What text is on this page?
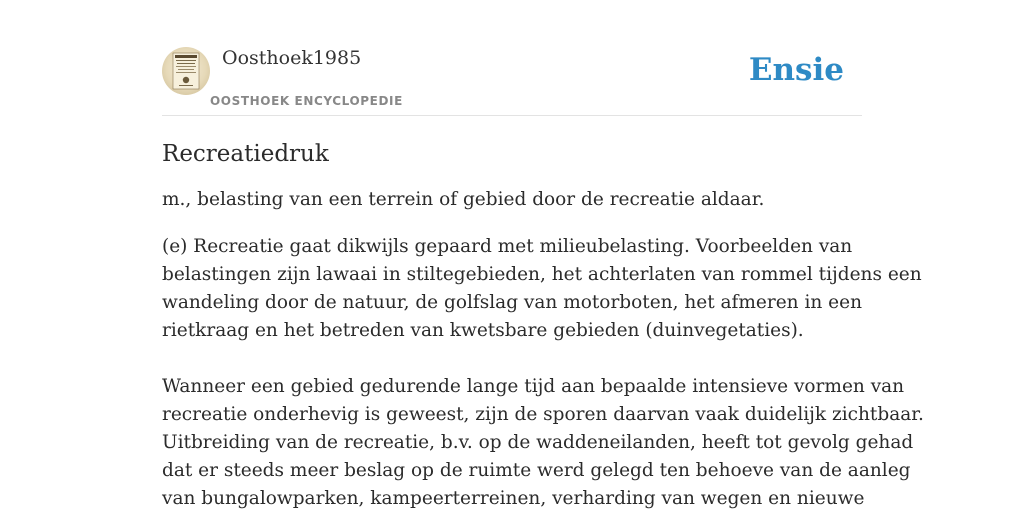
Oosthoek1985
OOSTHOEK ENCYCLOPEDIE
Ensie
Recreatiedruk

m., belasting van een terrein of gebied door de recreatie aldaar.

(e) Recreatie gaat dikwijls gepaard met milieubelasting. Voorbeelden van
belastingen zijn lawaai in stiltegebieden, het achterlaten van rommel tijdens een
wandeling door de natuur, de golfslag van motorboten, het afmeren in een
rietkraag en het betreden van kwetsbare gebieden (duinvegetaties).

Wanneer een gebied gedurende lange tijd aan bepaalde intensieve vormen van
recreatie onderhevig is geweest, zijn de sporen daarvan vaak duidelijk zichtbaar.
Uitbreiding van de recreatie, b.v. op de waddeneilanden, heeft tot gevolg gehad
dat er steeds meer beslag op de ruimte werd gelegd ten behoeve van de aanleg
van bungalowparken, kampeerterreinen, verharding van wegen en nieuwe
